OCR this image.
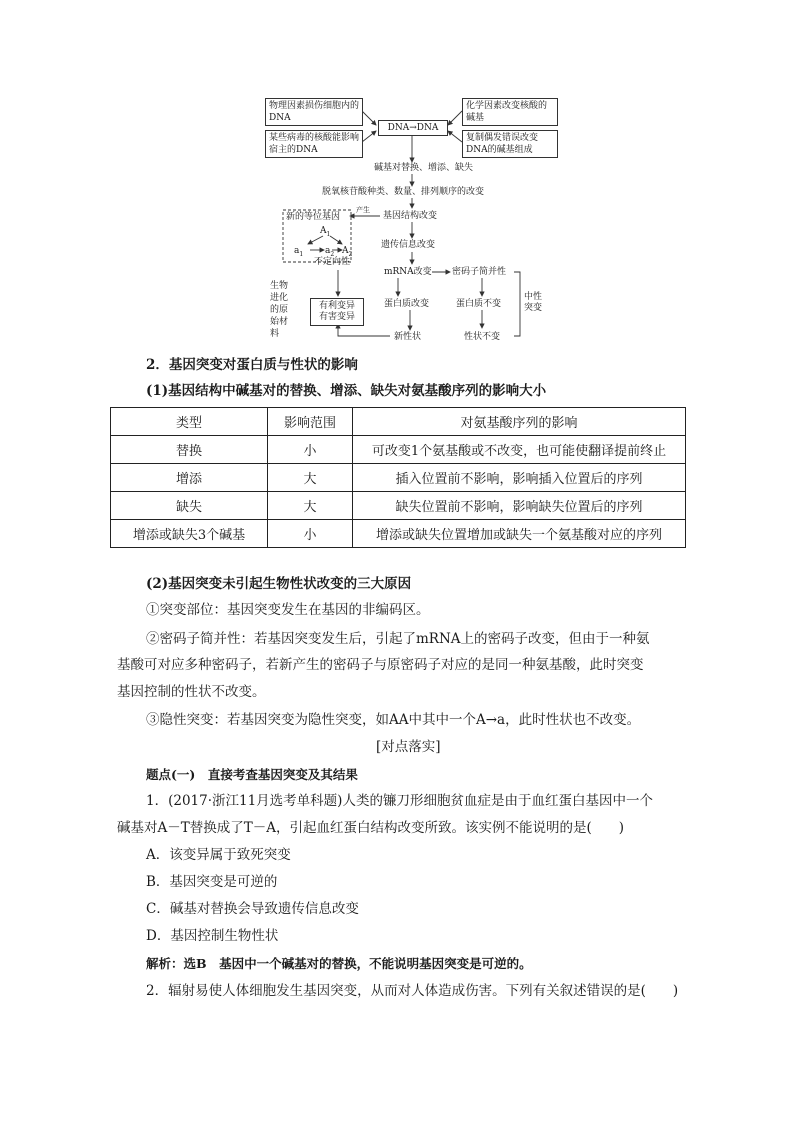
物理因素损伤细胞内的DNA
某些病毒的核酸能影响宿主的DNA
DNA→DNA
化学因素改变核酸的碱基
复制偶发错误改变DNA的碱基组成
碱基对替换、增添、缺失
脱氧核苷酸种类、数量、排列顺序的改变
产生
新的等位基因
$A_1$
$a_1$ $a_2$ $A_2$
基因结构改变
遗传信息改变
mRNA改变 密码子简并性
不定向性
蛋白质改变	蛋白质不变
中性突变
生物进化的原始材料
有利变异
有害变异
新性状	性状不变
2．基因突变对蛋白质与性状的影响
(1)基因结构中碱基对的替换、增添、缺失对氨基酸序列的影响大小
类型	影响范围	对氨基酸序列的影响
替换	小	可改变1个氨基酸或不改变，也可能使翻译提前终止
增添	大	插入位置前不影响，影响插入位置后的序列
缺失	大	缺失位置前不影响，影响缺失位置后的序列
增添或缺失3个碱基	小	增添或缺失位置增加或缺失一个氨基酸对应的序列
(2)基因突变未引起生物性状改变的三大原因
①突变部位：基因突变发生在基因的非编码区。
②密码子简并性：若基因突变发生后，引起了mRNA上的密码子改变，但由于一种氨
基酸可对应多种密码子，若新产生的密码子与原密码子对应的是同一种氨基酸，此时突变
基因控制的性状不改变。
③隐性突变：若基因突变为隐性突变，如AA中其中一个A→a，此时性状也不改变。
[对点落实]
题点(一)　直接考查基因突变及其结果
1．(2017·浙江11月选考单科题)人类的镰刀形细胞贫血症是由于血红蛋白基因中一个
碱基对A－T替换成了T－A，引起血红蛋白结构改变所致。该实例不能说明的是(　　)
A．该变异属于致死突变
B．基因突变是可逆的
C．碱基对替换会导致遗传信息改变
D．基因控制生物性状
解析：选B　基因中一个碱基对的替换，不能说明基因突变是可逆的。
2．辐射易使人体细胞发生基因突变，从而对人体造成伤害。下列有关叙述错误的是(　　)
